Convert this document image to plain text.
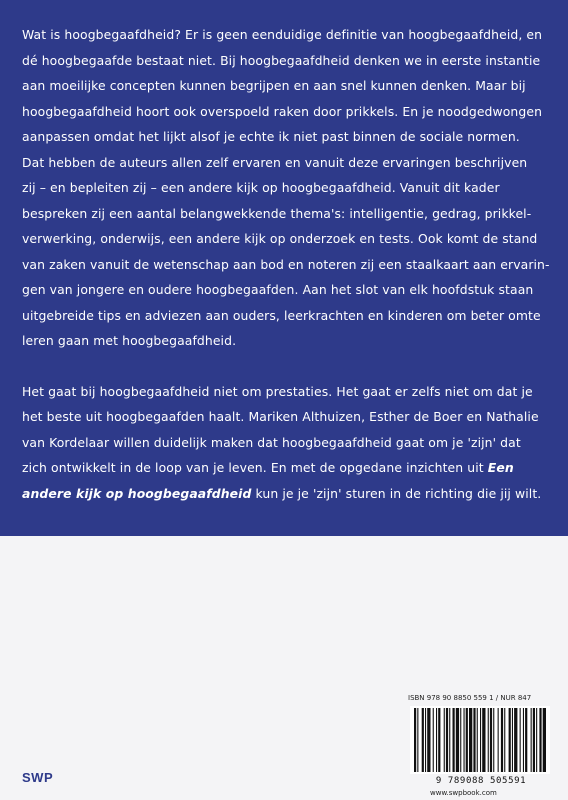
Wat is hoogbegaafdheid? Er is geen eenduidige definitie van hoogbegaafdheid, en
dé hoogbegaafde bestaat niet. Bij hoogbegaafdheid denken we in eerste instantie
aan moeilijke concepten kunnen begrijpen en aan snel kunnen denken. Maar bij
hoogbegaafdheid hoort ook overspoeld raken door prikkels. En je noodgedwongen
aanpassen omdat het lijkt alsof je echte ik niet past binnen de sociale normen.
Dat hebben de auteurs allen zelf ervaren en vanuit deze ervaringen beschrijven
zij – en bepleiten zij – een andere kijk op hoogbegaafdheid. Vanuit dit kader
bespreken zij een aantal belangwekkende thema's: intelligentie, gedrag, prikkel-
verwerking, onderwijs, een andere kijk op onderzoek en tests. Ook komt de stand
van zaken vanuit de wetenschap aan bod en noteren zij een staalkaart aan ervarin-
gen van jongere en oudere hoogbegaafden. Aan het slot van elk hoofdstuk staan
uitgebreide tips en adviezen aan ouders, leerkrachten en kinderen om beter omte
leren gaan met hoogbegaafdheid.

Het gaat bij hoogbegaafdheid niet om prestaties. Het gaat er zelfs niet om dat je
het beste uit hoogbegaafden haalt. Mariken Althuizen, Esther de Boer en Nathalie
van Kordelaar willen duidelijk maken dat hoogbegaafdheid gaat om je 'zijn' dat
zich ontwikkelt in de loop van je leven. En met de opgedane inzichten uit Een
andere kijk op hoogbegaafdheid kun je je 'zijn' sturen in de richting die jij wilt.

ISBN 978 90 8850 559 1 / NUR 847
9 789088 505591
SWP
www.swpbook.com
